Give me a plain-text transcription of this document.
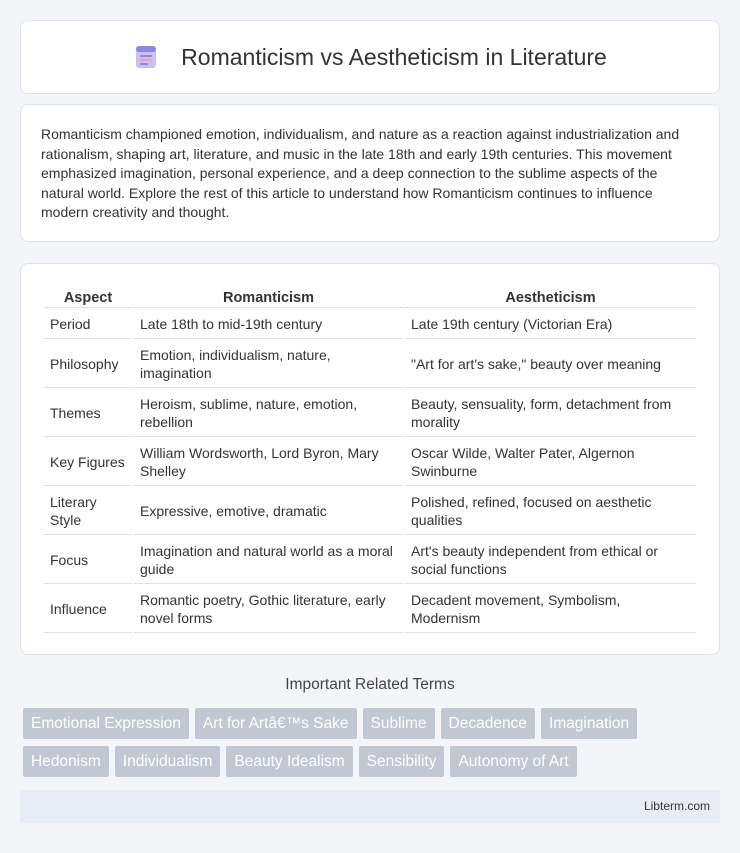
Romanticism vs Aestheticism in Literature

Romanticism championed emotion, individualism, and nature as a reaction against industrialization and rationalism, shaping art, literature, and music in the late 18th and early 19th centuries. This movement emphasized imagination, personal experience, and a deep connection to the sublime aspects of the natural world. Explore the rest of this article to understand how Romanticism continues to influence modern creativity and thought.

Aspect	Romanticism	Aestheticism
Period	Late 18th to mid-19th century	Late 19th century (Victorian Era)
Philosophy	Emotion, individualism, nature, imagination	"Art for art's sake," beauty over meaning
Themes	Heroism, sublime, nature, emotion, rebellion	Beauty, sensuality, form, detachment from morality
Key Figures	William Wordsworth, Lord Byron, Mary Shelley	Oscar Wilde, Walter Pater, Algernon Swinburne
Literary Style	Expressive, emotive, dramatic	Polished, refined, focused on aesthetic qualities
Focus	Imagination and natural world as a moral guide	Art's beauty independent from ethical or social functions
Influence	Romantic poetry, Gothic literature, early novel forms	Decadent movement, Symbolism, Modernism
Important Related Terms
Emotional Expression	Art for Artâ€™s Sake	Sublime	Decadence	Imagination
Hedonism	Individualism	Beauty Idealism	Sensibility	Autonomy of Art
Libterm.com
